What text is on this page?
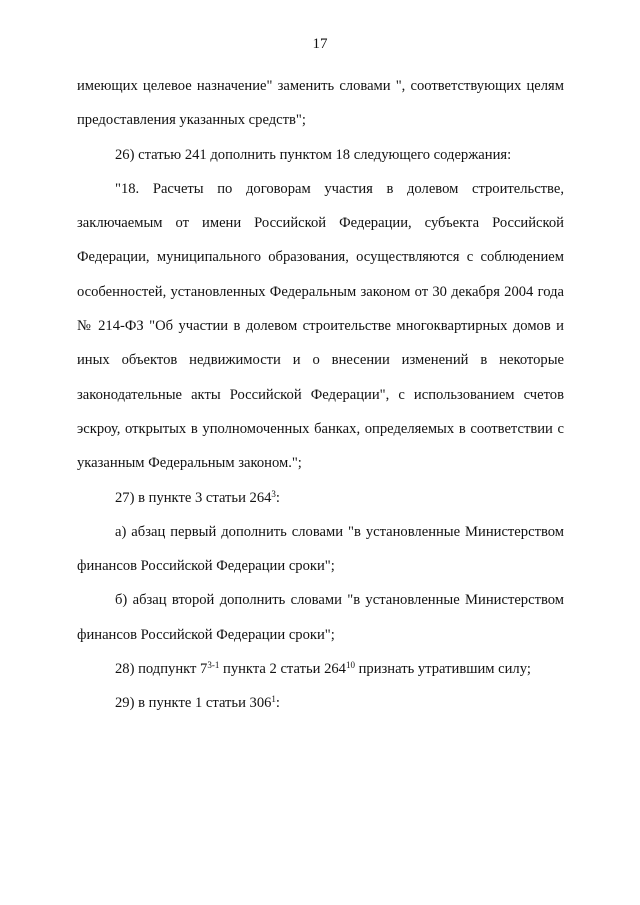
17

имеющих целевое назначение" заменить словами ", соответствующих целям предоставления указанных средств";

26) статью 241 дополнить пунктом 18 следующего содержания:

"18. Расчеты по договорам участия в долевом строительстве, заключаемым от имени Российской Федерации, субъекта Российской Федерации, муниципального образования, осуществляются с соблюдением особенностей, установленных Федеральным законом от 30 декабря 2004 года № 214-ФЗ "Об участии в долевом строительстве многоквартирных домов и иных объектов недвижимости и о внесении изменений в некоторые законодательные акты Российской Федерации", с использованием счетов эскроу, открытых в уполномоченных банках, определяемых в соответствии с указанным Федеральным законом.";

27) в пункте 3 статьи $264^3$:

а) абзац первый дополнить словами "в установленные Министерством финансов Российской Федерации сроки";

б) абзац второй дополнить словами "в установленные Министерством финансов Российской Федерации сроки";

28) подпункт 7$^{3-1}$ пункта 2 статьи $264^{10}$ признать утратившим силу;

29) в пункте 1 статьи $306^1$:
